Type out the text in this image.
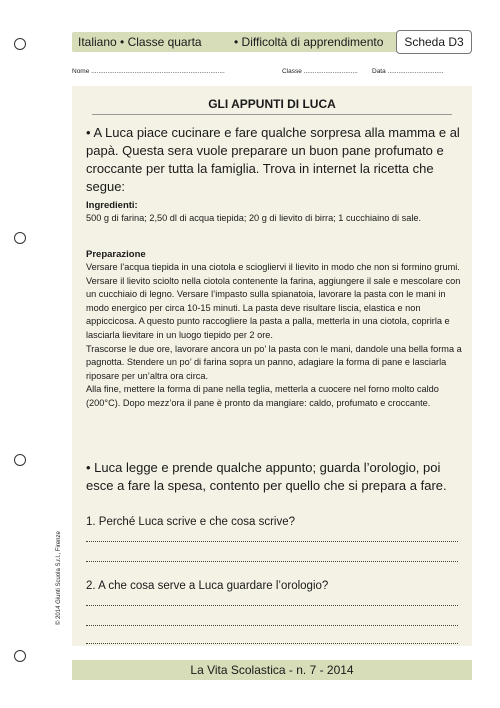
Italiano • Classe quarta	• Difficoltà di apprendimento	Scheda D3
Nome ..........................................................................	Classe .............................. Data ...............................
GLI APPUNTI DI LUCA
• A Luca piace cucinare e fare qualche sorpresa alla mamma e al papà. Questa sera vuole preparare un buon pane profumato e croccante per tutta la famiglia. Trova in internet la ricetta che segue:
Ingredienti:
500 g di farina; 2,50 dl di acqua tiepida; 20 g di lievito di birra; 1 cucchiaino di sale.
Preparazione

Versare l’acqua tiepida in una ciotola e sciogliervi il lievito in modo che non si formino grumi. Versare il lievito sciolto nella ciotola contenente la farina, aggiungere il sale e mescolare con un cucchiaio di legno. Versare l’impasto sulla spianatoia, lavorare la pasta con le mani in modo energico per circa 10-15 minuti. La pasta deve risultare liscia, elastica e non appiccicosa. A questo punto raccogliere la pasta a palla, metterla in una ciotola, coprirla e lasciarla lievitare in un luogo tiepido per 2 ore.

Trascorse le due ore, lavorare ancora un po’ la pasta con le mani, dandole una bella forma a pagnotta. Stendere un po’ di farina sopra un panno, adagiare la forma di pane e lasciarla riposare per un’altra ora circa.

Alla fine, mettere la forma di pane nella teglia, metterla a cuocere nel forno molto caldo (200°C). Dopo mezz’ora il pane è pronto da mangiare: caldo, profumato e croccante.

• Luca legge e prende qualche appunto; guarda l’orologio, poi esce a fare la spesa, contento per quello che si prepara a fare.
1. Perché Luca scrive e che cosa scrive?
2. A che cosa serve a Luca guardare l’orologio?
© 2014 Giunti Scuola S.r.l., Firenze
La Vita Scolastica - n. 7 - 2014
